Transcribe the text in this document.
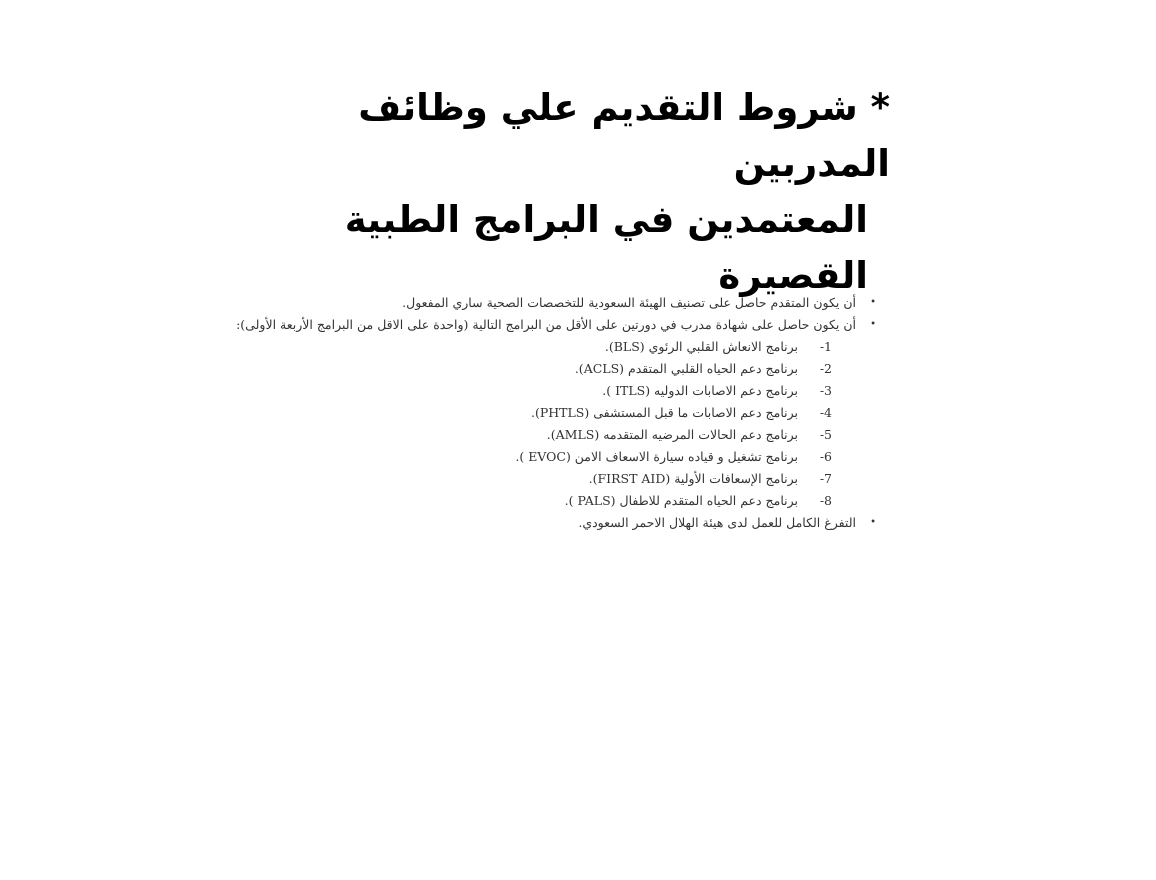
* شروط التقديم علي وظائف المدربين
المعتمدين في البرامج الطبية القصيرة
•
أن يكون المتقدم حاصل على تصنيف الهيئة السعودية للتخصصات الصحية ساري المفعول.
•
أن يكون حاصل على شهادة مدرب في دورتين على الأقل من البرامج التالية (واحدة على الاقل من البرامج الأربعة الأولى):
1-
برنامج الانعاش القلبي الرئوي (BLS).
2-
برنامج دعم الحياه القلبي المتقدم (ACLS).
3-
برنامج دعم الاصابات الدوليه (ITLS ).
4-
برنامج دعم الاصابات ما قبل المستشفى (PHTLS).
5-
برنامج دعم الحالات المرضيه المتقدمه (AMLS).
6-
برنامج تشغيل و قياده سيارة الاسعاف الامن (EVOC ).
7-
برنامج الإسعافات الأولية (FIRST AID).
8-
برنامج دعم الحياه المتقدم للاطفال (PALS ).
•
التفرغ الكامل للعمل لدى هيئة الهلال الاحمر السعودي.
